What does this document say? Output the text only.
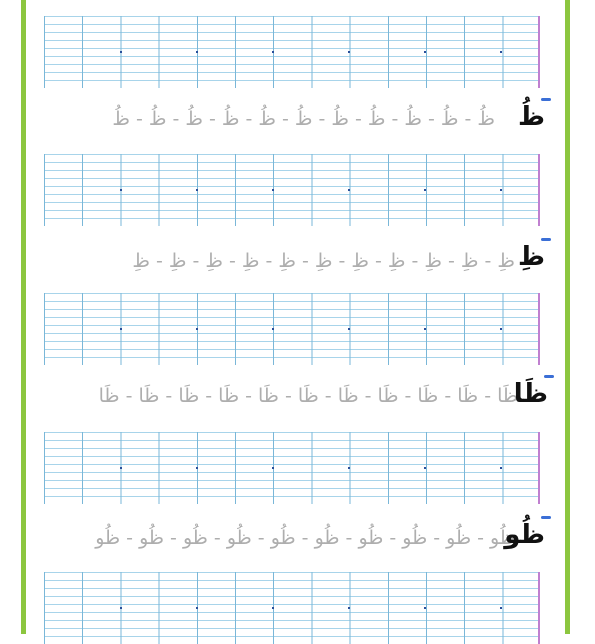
ظُ - ظُ - ظُ - ظُ - ظُ - ظُ - ظُ - ظُ - ظُ - ظُ - ظُ ظُ
ظِ - ظِ - ظِ - ظِ - ظِ - ظِ - ظِ - ظِ - ظِ - ظِ - ظِ ظِ
ظَا - ظَا - ظَا - ظَا - ظَا - ظَا - ظَا - ظَا - ظَا - ظَا - ظَا
ظَا
ظُو - ظُو - ظُو - ظُو - ظُو - ظُو - ظُو - ظُو - ظُو - ظُو
ظُو
